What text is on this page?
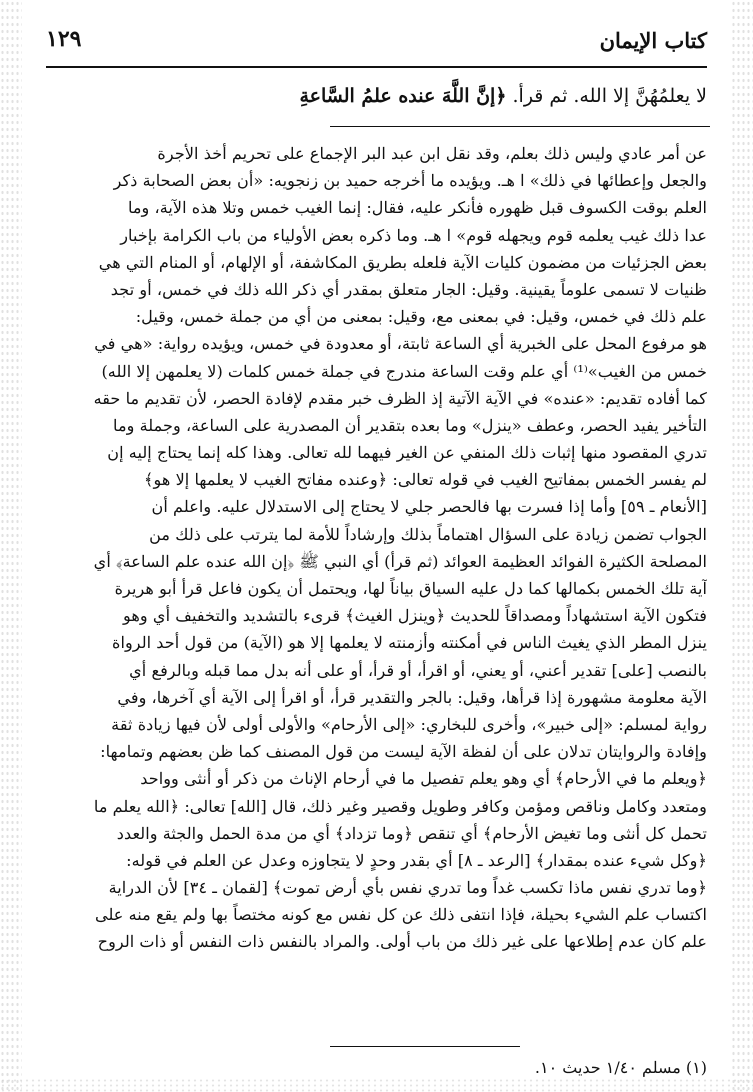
كتاب الإيمان
١٢٩
لا يعلمُهُنَّ إلا الله. ثم قرأ. ﴿إنَّ اللَّهَ عنده علمُ السَّاعةِ
عن أمر عادي وليس ذلك بعلم، وقد نقل ابن عبد البر الإجماع على تحريم أخذ الأجرة
والجعل وإعطائها في ذلك» ا هـ. ويؤيده ما أخرجه حميد بن زنجويه: «أن بعض الصحابة ذكر
العلم بوقت الكسوف قبل ظهوره فأنكر عليه، فقال: إنما الغيب خمس وتلا هذه الآية، وما
عدا ذلك غيب يعلمه قوم ويجهله قوم» ا هـ. وما ذكره بعض الأولياء من باب الكرامة بإخبار
بعض الجزئيات من مضمون كليات الآية فلعله بطريق المكاشفة، أو الإلهام، أو المنام التي هي
ظنيات لا تسمى علوماً يقينية. وقيل: الجار متعلق بمقدر أي ذكر الله ذلك في خمس، أو تجد
علم ذلك في خمس، وقيل: في بمعنى مع، وقيل: بمعنى من أي من جملة خمس، وقيل:
هو مرفوع المحل على الخبرية أي الساعة ثابتة، أو معدودة في خمس، ويؤيده رواية: «هي في
خمس من الغيب»⁽¹⁾ أي علم وقت الساعة مندرج في جملة خمس كلمات (لا يعلمهن إلا الله)
كما أفاده تقديم: «عنده» في الآية الآتية إذ الظرف خبر مقدم لإفادة الحصر، لأن تقديم ما حقه
التأخير يفيد الحصر، وعطف «ينزل» وما بعده بتقدير أن المصدرية على الساعة، وجملة وما
تدري المقصود منها إثبات ذلك المنفي عن الغير فيهما لله تعالى. وهذا كله إنما يحتاج إليه إن
لم يفسر الخمس بمفاتيح الغيب في قوله تعالى: ﴿وعنده مفاتح الغيب لا يعلمها إلا هو﴾
[الأنعام ـ ٥٩] وأما إذا فسرت بها فالحصر جلي لا يحتاج إلى الاستدلال عليه. واعلم أن
الجواب تضمن زيادة على السؤال اهتماماً بذلك وإرشاداً للأمة لما يترتب على ذلك من
المصلحة الكثيرة الفوائد العظيمة العوائد (ثم قرأ) أي النبي ﷺ ﴿إن الله عنده علم الساعة﴾ أي
آية تلك الخمس بكمالها كما دل عليه السياق بياناً لها، ويحتمل أن يكون فاعل قرأ أبو هريرة
فتكون الآية استشهاداً ومصداقاً للحديث ﴿وينزل الغيث﴾ قرىء بالتشديد والتخفيف أي وهو
ينزل المطر الذي يغيث الناس في أمكنته وأزمنته لا يعلمها إلا هو (الآية) من قول أحد الرواة
بالنصب [على] تقدير أعني، أو يعني، أو اقرأ، أو قرأ، أو على أنه بدل مما قبله وبالرفع أي
الآية معلومة مشهورة إذا قرأها، وقيل: بالجر والتقدير قرأ، أو اقرأ إلى الآية أي آخرها، وفي
رواية لمسلم: «إلى خبير»، وأخرى للبخاري: «إلى الأرحام» والأولى أولى لأن فيها زيادة ثقة
وإفادة والروايتان تدلان على أن لفظة الآية ليست من قول المصنف كما ظن بعضهم وتمامها:
﴿ويعلم ما في الأرحام﴾ أي وهو يعلم تفصيل ما في أرحام الإناث من ذكر أو أنثى وواحد
ومتعدد وكامل وناقص ومؤمن وكافر وطويل وقصير وغير ذلك، قال [الله] تعالى: ﴿الله يعلم ما
تحمل كل أنثى وما تغيض الأرحام﴾ أي تنقص ﴿وما تزداد﴾ أي من مدة الحمل والجثة والعدد
﴿وكل شيء عنده بمقدار﴾ [الرعد ـ ٨] أي بقدر وحدٍ لا يتجاوزه وعدل عن العلم في قوله:
﴿وما تدري نفس ماذا تكسب غداً وما تدري نفس بأي أرض تموت﴾ [لقمان ـ ٣٤] لأن الدراية
اكتساب علم الشيء بحيلة، فإذا انتفى ذلك عن كل نفس مع كونه مختصاً بها ولم يقع منه على
علم كان عدم إطلاعها على غير ذلك من باب أولى. والمراد بالنفس ذات النفس أو ذات الروح
(١) مسلم ١/٤٠ حديث ١٠.
